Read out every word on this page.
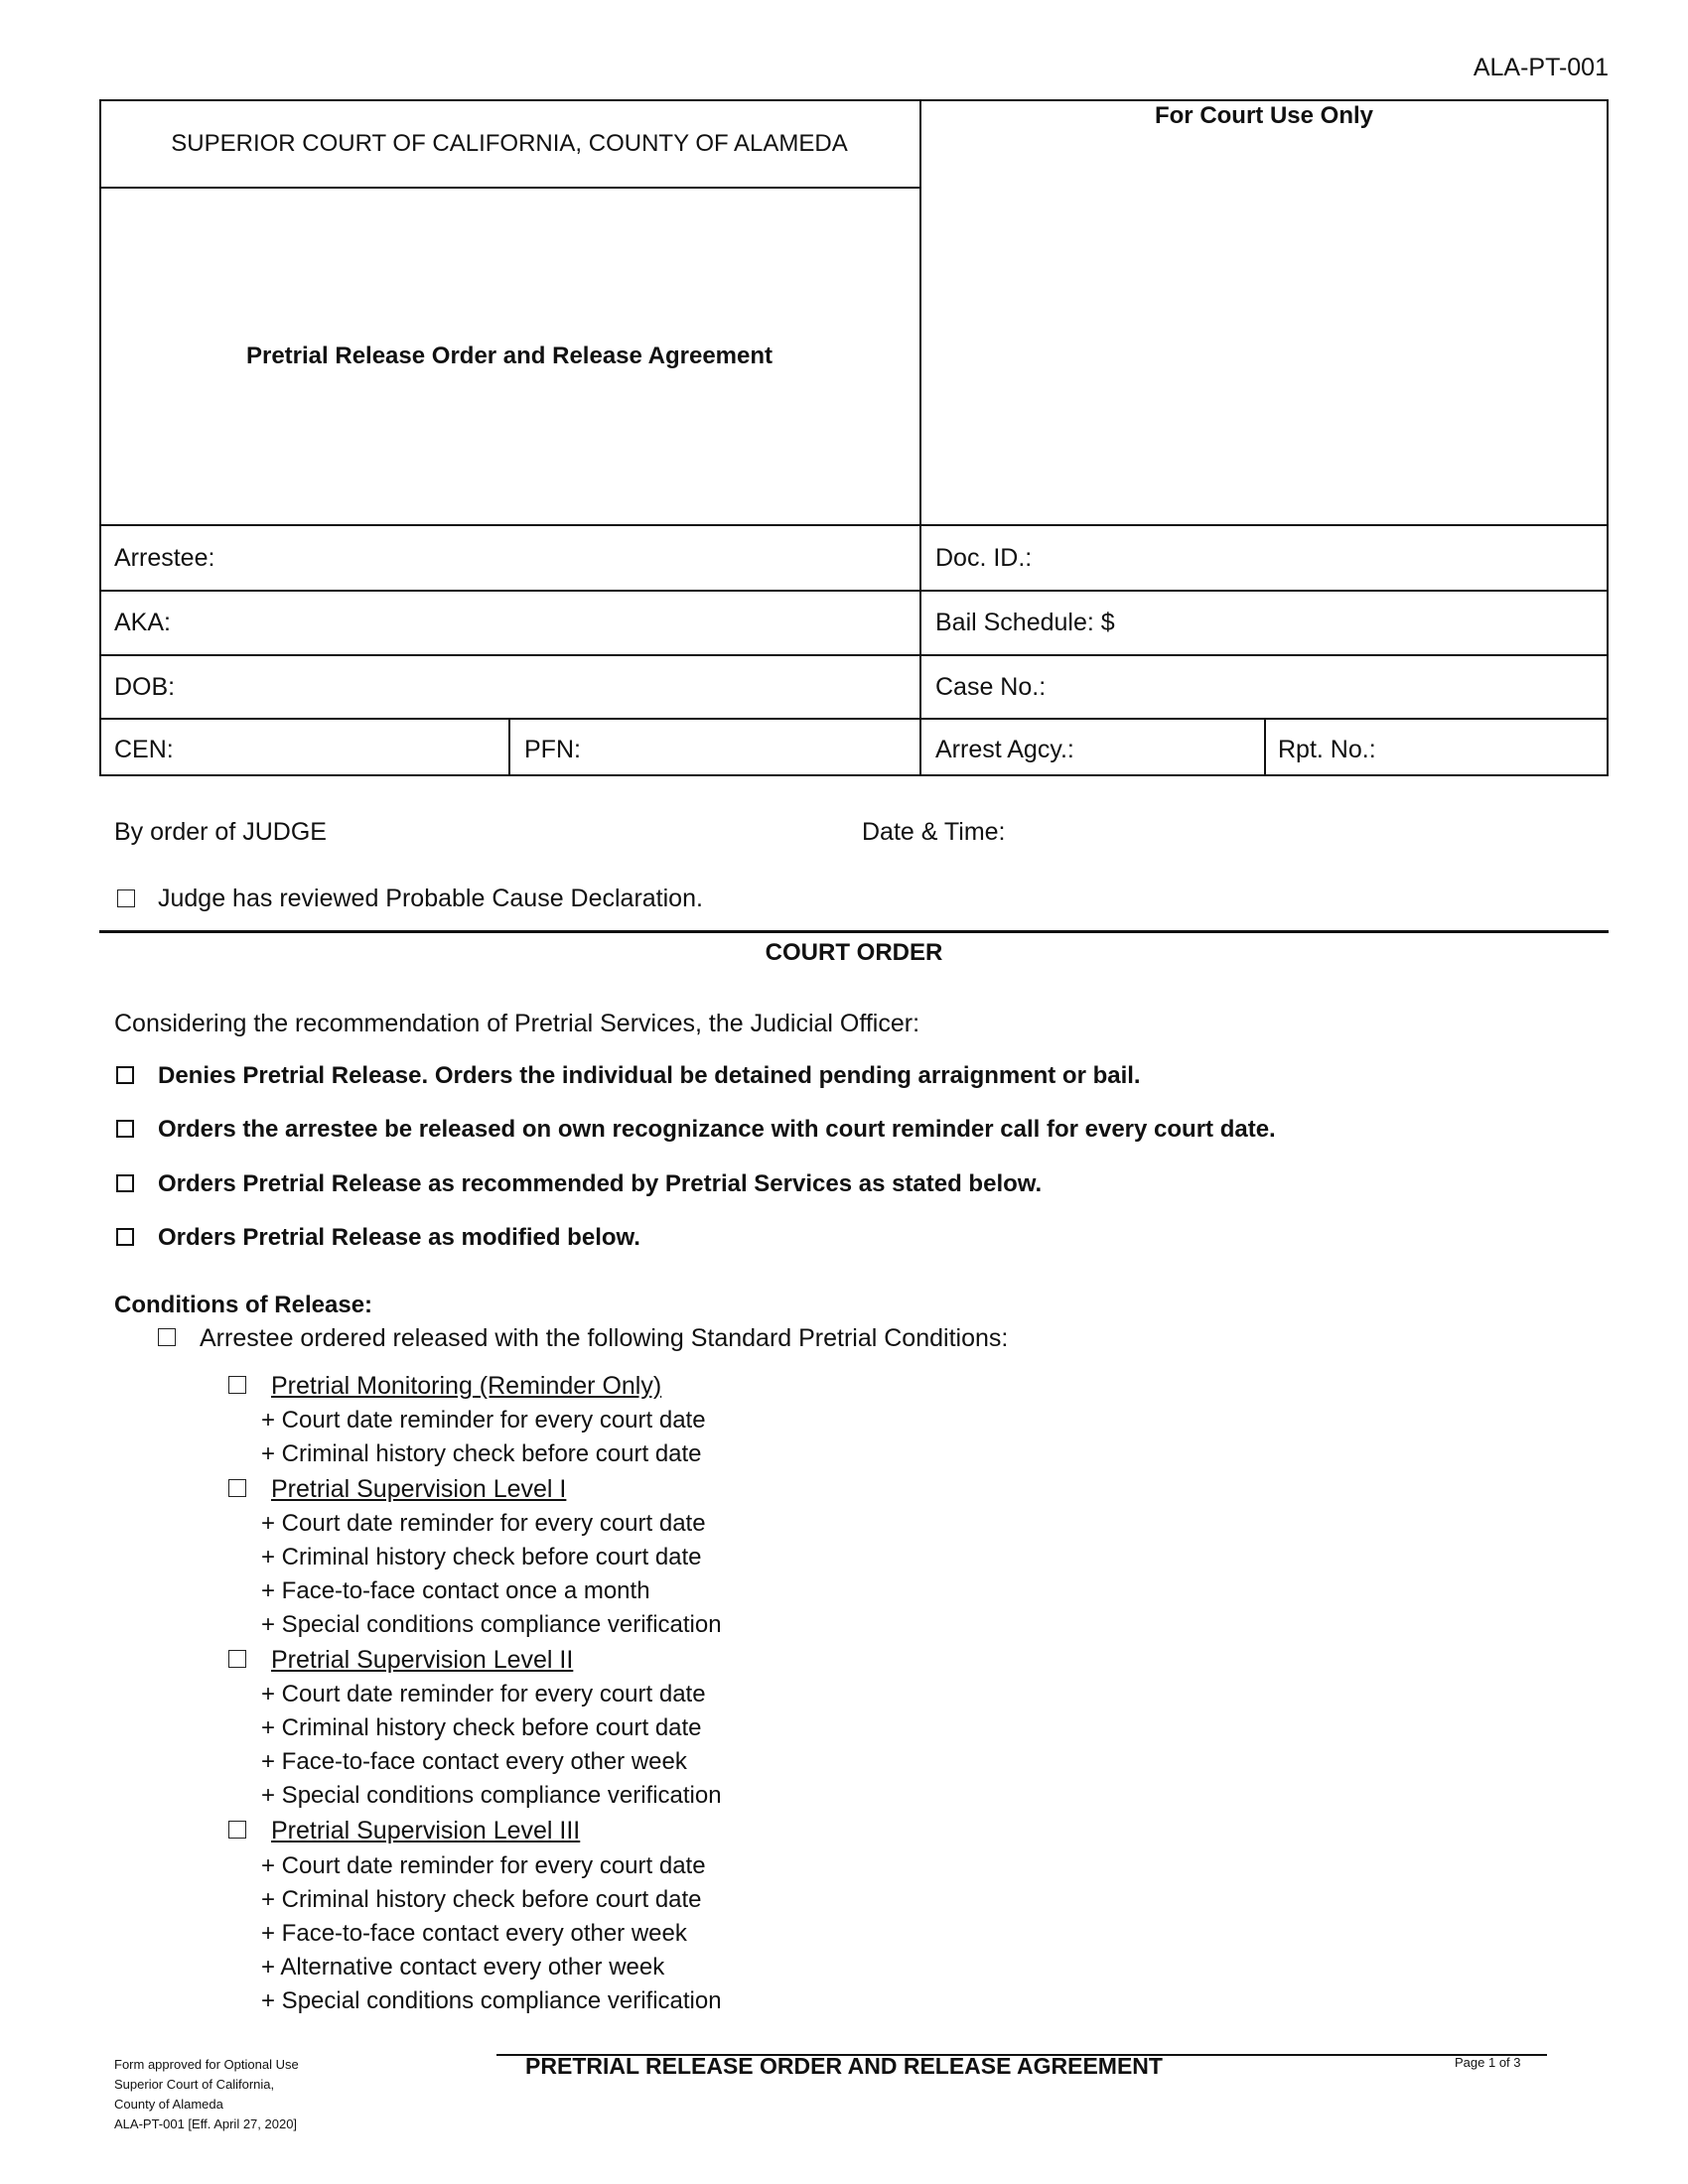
ALA-PT-001
SUPERIOR COURT OF CALIFORNIA, COUNTY OF ALAMEDA
For Court Use Only
Pretrial Release Order and Release Agreement
Arrestee:	Doc. ID.:
AKA:	Bail Schedule: $
DOB:	Case No.:
CEN:	PFN:	Arrest Agcy.:	Rpt. No.:
By order of JUDGE	Date & Time:
Judge has reviewed Probable Cause Declaration.
COURT ORDER
Considering the recommendation of Pretrial Services, the Judicial Officer:
Denies Pretrial Release. Orders the individual be detained pending arraignment or bail.
Orders the arrestee be released on own recognizance with court reminder call for every court date.
Orders Pretrial Release as recommended by Pretrial Services as stated below.
Orders Pretrial Release as modified below.
Conditions of Release:
Arrestee ordered released with the following Standard Pretrial Conditions:
Pretrial Monitoring (Reminder Only)
+ Court date reminder for every court date
+ Criminal history check before court date
Pretrial Supervision Level I
+ Court date reminder for every court date
+ Criminal history check before court date
+ Face-to-face contact once a month
+ Special conditions compliance verification
Pretrial Supervision Level II
+ Court date reminder for every court date
+ Criminal history check before court date
+ Face-to-face contact every other week
+ Special conditions compliance verification
Pretrial Supervision Level III
+ Court date reminder for every court date
+ Criminal history check before court date
+ Face-to-face contact every other week
+ Alternative contact every other week
+ Special conditions compliance verification
Form approved for Optional Use
Superior Court of California,
County of Alameda
ALA-PT-001 [Eff. April 27, 2020]
PRETRIAL RELEASE ORDER AND RELEASE AGREEMENT	Page 1 of 3
